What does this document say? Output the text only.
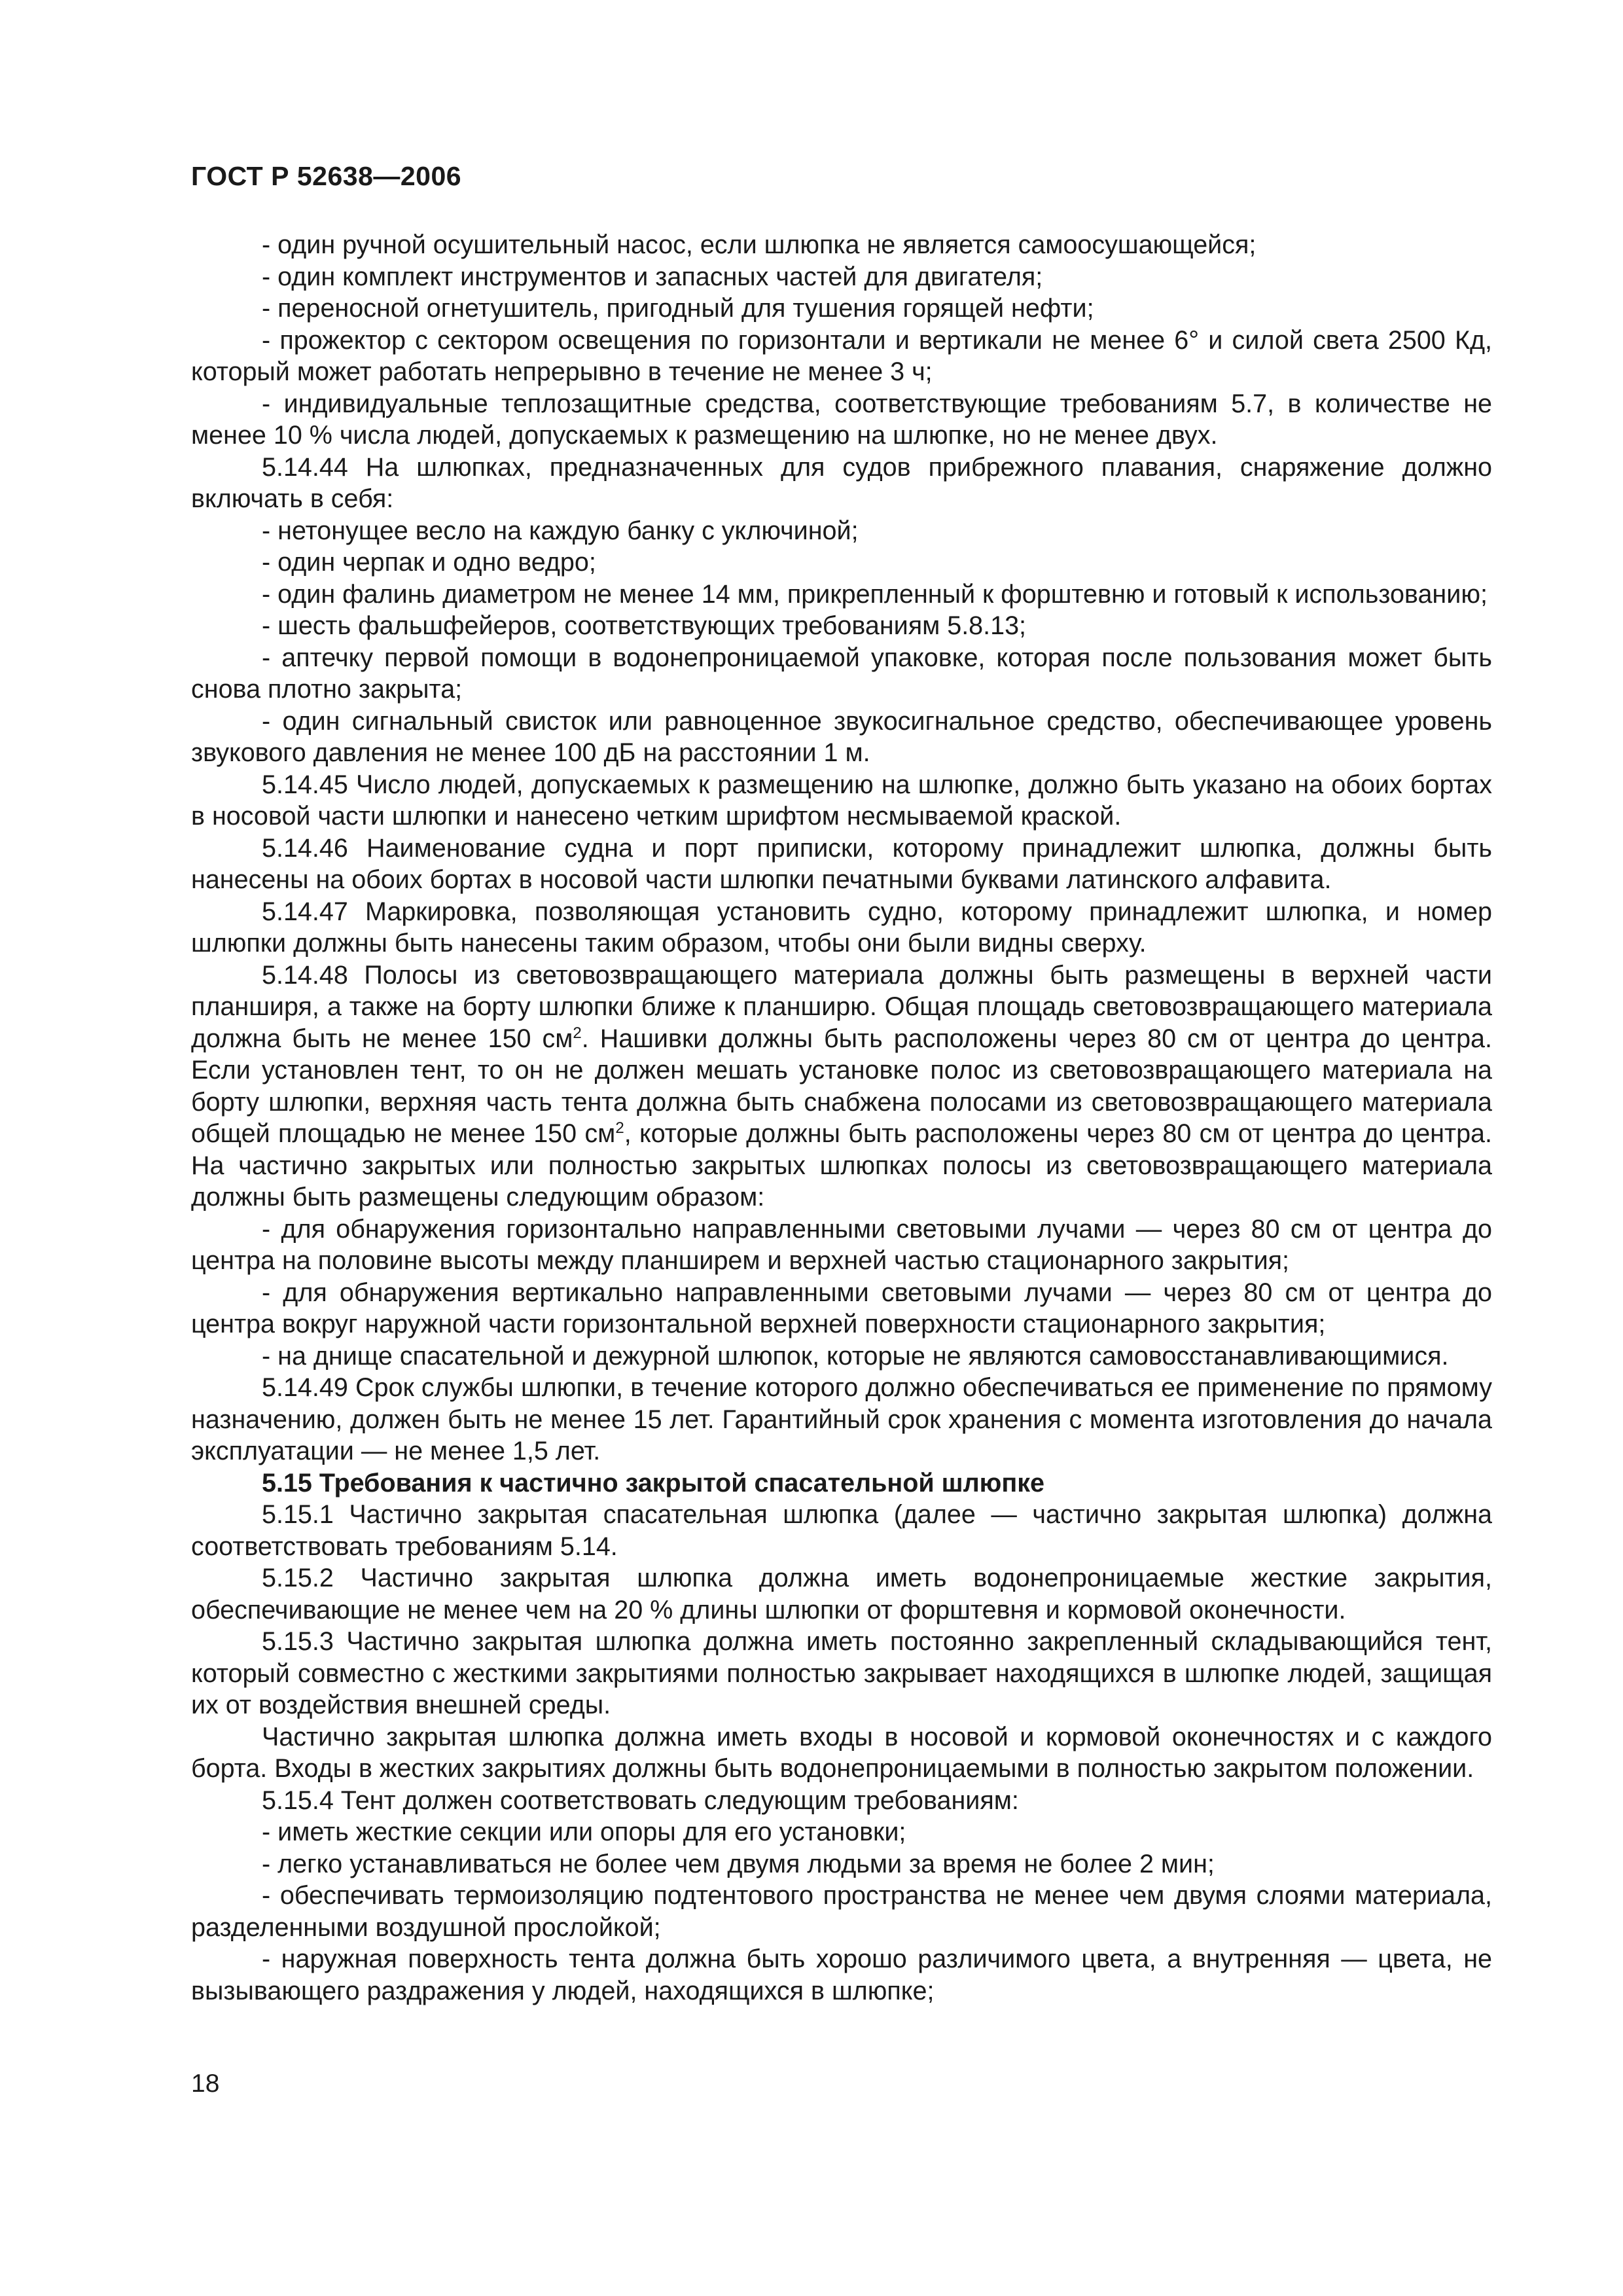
ГОСТ Р 52638—2006

- один ручной осушительный насос, если шлюпка не является самоосушающейся;

- один комплект инструментов и запасных частей для двигателя;

- переносной огнетушитель, пригодный для тушения горящей нефти;

- прожектор с сектором освещения по горизонтали и вертикали не менее 6° и силой света 2500 Кд, который может работать непрерывно в течение не менее 3 ч;

- индивидуальные теплозащитные средства, соответствующие требованиям 5.7, в количестве не менее 10 % числа людей, допускаемых к размещению на шлюпке, но не менее двух.

5.14.44 На шлюпках, предназначенных для судов прибрежного плавания, снаряжение должно включать в себя:

- нетонущее весло на каждую банку с уключиной;

- один черпак и одно ведро;

- один фалинь диаметром не менее 14 мм, прикрепленный к форштевню и готовый к использованию;

- шесть фальшфейеров, соответствующих требованиям 5.8.13;

- аптечку первой помощи в водонепроницаемой упаковке, которая после пользования может быть снова плотно закрыта;

- один сигнальный свисток или равноценное звукосигнальное средство, обеспечивающее уровень звукового давления не менее 100 дБ на расстоянии 1 м.

5.14.45 Число людей, допускаемых к размещению на шлюпке, должно быть указано на обоих бортах в носовой части шлюпки и нанесено четким шрифтом несмываемой краской.

5.14.46 Наименование судна и порт приписки, которому принадлежит шлюпка, должны быть нанесены на обоих бортах в носовой части шлюпки печатными буквами латинского алфавита.

5.14.47 Маркировка, позволяющая установить судно, которому принадлежит шлюпка, и номер шлюпки должны быть нанесены таким образом, чтобы они были видны сверху.

5.14.48 Полосы из световозвращающего материала должны быть размещены в верхней части планширя, а также на борту шлюпки ближе к планширю. Общая площадь световозвращающего материала должна быть не менее 150 $см^2$. Нашивки должны быть расположены через 80 см от центра до центра. Если установлен тент, то он не должен мешать установке полос из световозвращающего материала на борту шлюпки, верхняя часть тента должна быть снабжена полосами из световозвращающего материала общей площадью не менее 150 $см^2$, которые должны быть расположены через 80 см от центра до центра. На частично закрытых или полностью закрытых шлюпках полосы из световозвращающего материала должны быть размещены следующим образом:

- для обнаружения горизонтально направленными световыми лучами — через 80 см от центра до центра на половине высоты между планширем и верхней частью стационарного закрытия;

- для обнаружения вертикально направленными световыми лучами — через 80 см от центра до центра вокруг наружной части горизонтальной верхней поверхности стационарного закрытия;

- на днище спасательной и дежурной шлюпок, которые не являются самовосстанавливающимися.

5.14.49 Срок службы шлюпки, в течение которого должно обеспечиваться ее применение по прямому назначению, должен быть не менее 15 лет. Гарантийный срок хранения с момента изготовления до начала эксплуатации — не менее 1,5 лет.

5.15 Требования к частично закрытой спасательной шлюпке

5.15.1 Частично закрытая спасательная шлюпка (далее — частично закрытая шлюпка) должна соответствовать требованиям 5.14.

5.15.2 Частично закрытая шлюпка должна иметь водонепроницаемые жесткие закрытия, обеспечивающие не менее чем на 20 % длины шлюпки от форштевня и кормовой оконечности.

5.15.3 Частично закрытая шлюпка должна иметь постоянно закрепленный складывающийся тент, который совместно с жесткими закрытиями полностью закрывает находящихся в шлюпке людей, защищая их от воздействия внешней среды.

Частично закрытая шлюпка должна иметь входы в носовой и кормовой оконечностях и с каждого борта. Входы в жестких закрытиях должны быть водонепроницаемыми в полностью закрытом положении.

5.15.4 Тент должен соответствовать следующим требованиям:

- иметь жесткие секции или опоры для его установки;

- легко устанавливаться не более чем двумя людьми за время не более 2 мин;

- обеспечивать термоизоляцию подтентового пространства не менее чем двумя слоями материала, разделенными воздушной прослойкой;

- наружная поверхность тента должна быть хорошо различимого цвета, а внутренняя — цвета, не вызывающего раздражения у людей, находящихся в шлюпке;

18
